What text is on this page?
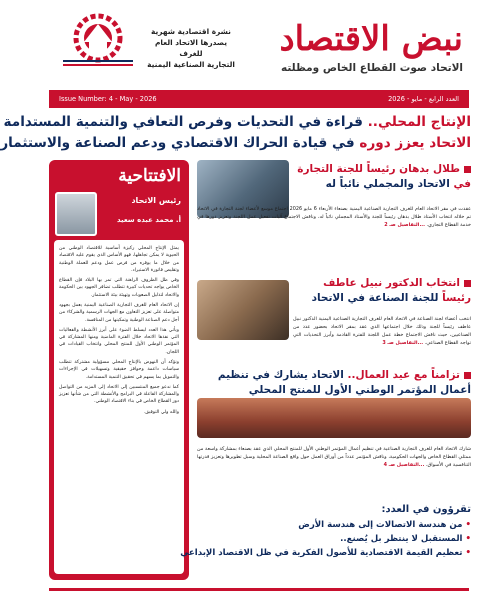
نبض الاقتصاد
الاتحاد صوت القطاع الخاص ومظلته
نشرة اقتصادية شهرية
يصدرها الاتحاد العام للغرف
التجارية الصناعية اليمنية
العدد الرابع - مايو - 2026
Issue Number: 4 - May - 2026
الإنتاج المحلي.. قراءة في التحديات وفرص التعافي والتنمية المستدامة
الاتحاد يعزز دوره في قيادة الحراك الاقتصادي ودعم الصناعة والاستثمار
الافتتاحية
رئيس الاتحاد
أ. محمد عبده سعيد

يمثل الإنتاج المحلي ركيزة أساسية للاقتصاد الوطني من الحيوية لا يمكن تجاهلها، فهو الأساس الذي يقوم عليه الاقتصاد من خلال ما يوفره من فرص عمل ودعم للعملة الوطنية وتقليص فاتورة الاستيراد.

وفي ظل الظروف الراهنة التي تمر بها البلاد فإن القطاع الخاص يواجه تحديات كبيرة تتطلب تضافر الجهود بين الحكومة والاتحاد لتذليل الصعوبات وتهيئة بيئة الاستثمار.

إن الاتحاد العام للغرف التجارية الصناعية اليمنية يعمل بجهود متواصلة على تعزيز التعاون مع الجهات الرسمية والشركاء من أجل دعم الصناعة الوطنية وتمكينها من المنافسة.

ويأتي هذا العدد ليسلط الضوء على أبرز الأنشطة والفعاليات التي نفذها الاتحاد خلال الفترة الماضية ومنها المشاركة في المؤتمر الوطني الأول للمنتج المحلي وانتخاب القيادات في اللجان.

ونؤكد أن النهوض بالإنتاج المحلي مسؤولية مشتركة تتطلب سياسات داعمة وحوافز حقيقية وتسهيلات في الإجراءات والتمويل بما يسهم في تحقيق التنمية المستدامة.

كما ندعو جميع المنتسبين إلى الاتحاد إلى المزيد من التواصل والمشاركة الفاعلة في البرامج والأنشطة التي من شأنها تعزيز دور القطاع الخاص في بناء الاقتصاد الوطني.

والله ولي التوفيق.

طلال بدهان رئيساً للجنة التجارة في الاتحاد والمجملي نائباً له
عقدت في مقر الاتحاد العام للغرف التجارية الصناعية اليمنية بصنعاء الأربعاء 6 مايو 2026 اجتماع موسع لأعضاء لجنة التجارة في الاتحاد تم خلاله انتخاب الأستاذ طلال بدهان رئيساً للجنة والأستاذ المجملي نائباً له، وناقش الاجتماع آليات تفعيل عمل اللجنة وتعزيز دورها في خدمة القطاع التجاري. ...التفاصيل صـ 2
انتخاب الدكتور نبيل عاطف رئيساً للجنة الصناعة في الاتحاد
انتخب أعضاء لجنة الصناعة في الاتحاد العام للغرف التجارية الصناعية اليمنية الدكتور نبيل عاطف رئيساً للجنة وذلك خلال اجتماعها الذي عقد بمقر الاتحاد بحضور عدد من الصناعيين، حيث ناقش الاجتماع خطة عمل اللجنة للفترة القادمة وأبرز التحديات التي تواجه القطاع الصناعي. ...التفاصيل صـ 3
تزامناً مع عيد العمال.. الاتحاد يشارك في تنظيم أعمال المؤتمر الوطني الأول للمنتج المحلي
شارك الاتحاد العام للغرف التجارية الصناعية في تنظيم أعمال المؤتمر الوطني الأول للمنتج المحلي الذي عقد بصنعاء بمشاركة واسعة من ممثلي القطاع الخاص والجهات الحكومية، وناقش المؤتمر عدداً من أوراق العمل حول واقع الصناعة المحلية وسبل تطويرها وتعزيز قدرتها التنافسية في الأسواق. ...التفاصيل صـ 4
تقرؤون في العدد:
•من هندسة الاتصالات إلى هندسة الأرض
•المستقبل لا ينتظر بل يُصنع..
•تعظيم القيمة الاقتصادية للأصول الفكرية في ظل الاقتصاد الإبداعي
